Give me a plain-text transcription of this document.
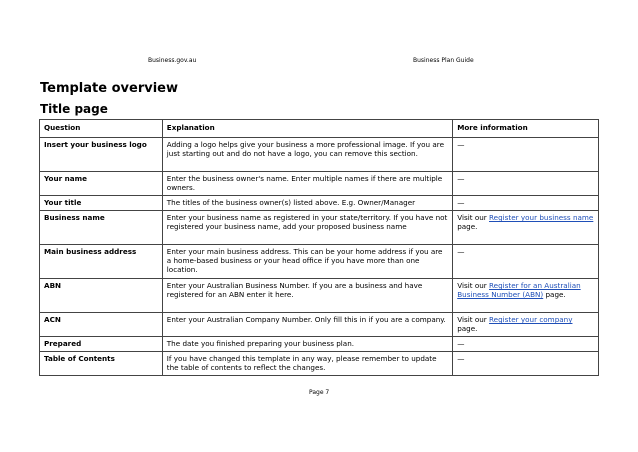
Business.gov.au	Business Plan Guide
Template overview
Title page
Question	Explanation	More information
Insert your business logo	Adding a logo helps give your business a more professional image. If you are just starting out and do not have a logo, you can remove this section.	—
Your name	Enter the business owner's name. Enter multiple names if there are multiple owners.	—
Your title	The titles of the business owner(s) listed above. E.g. Owner/Manager	—
Business name	Enter your business name as registered in your state/territory. If you have not registered your business name, add your proposed business name	Visit our Register your business name page.
Main business address	Enter your main business address. This can be your home address if you are a home-based business or your head office if you have more than one location.	—
ABN	Enter your Australian Business Number. If you are a business and have registered for an ABN enter it here.	Visit our Register for an Australian Business Number (ABN) page.
ACN	Enter your Australian Company Number. Only fill this in if you are a company.	Visit our Register your company page.
Prepared	The date you finished preparing your business plan.	—
Table of Contents	If you have changed this template in any way, please remember to update the table of contents to reflect the changes.	—
Page 7
